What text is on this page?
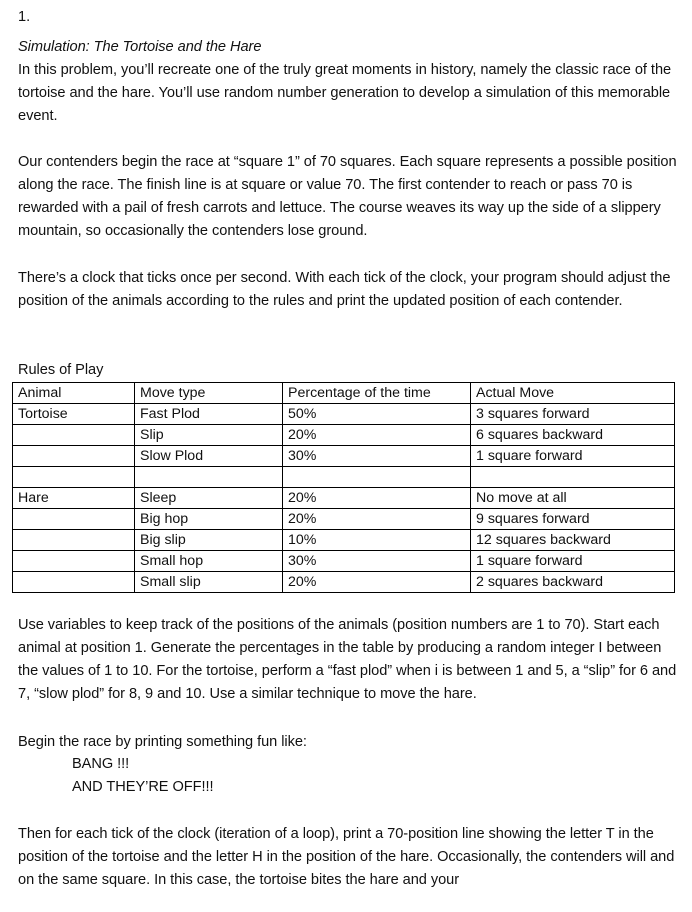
1.
Simulation: The Tortoise and the Hare

In this problem, you’ll recreate one of the truly great moments in history, namely the classic race of the tortoise and the hare. You’ll use random number generation to develop a simulation of this memorable event.

Our contenders begin the race at “square 1” of 70 squares. Each square represents a possible position along the race. The finish line is at square or value 70. The first contender to reach or pass 70 is rewarded with a pail of fresh carrots and lettuce. The course weaves its way up the side of a slippery mountain, so occasionally the contenders lose ground.

There’s a clock that ticks once per second. With each tick of the clock, your program should adjust the position of the animals according to the rules and print the updated position of each contender.

Rules of Play
Animal	Move type	Percentage of the time	Actual Move
Tortoise	Fast Plod	50%	3 squares forward
	Slip	20%	6 squares backward
	Slow Plod	30%	1 square forward

Hare	Sleep	20%	No move at all
	Big hop	20%	9 squares forward
	Big slip	10%	12 squares backward
	Small hop	30%	1 square forward
	Small slip	20%	2 squares backward

Use variables to keep track of the positions of the animals (position numbers are 1 to 70). Start each animal at position 1. Generate the percentages in the table by producing a random integer I between the values of 1 to 10. For the tortoise, perform a “fast plod” when i is between 1 and 5, a “slip” for 6 and 7, “slow plod” for 8, 9 and 10. Use a similar technique to move the hare.

Begin the race by printing something fun like:
BANG !!!
AND THEY’RE OFF!!!

Then for each tick of the clock (iteration of a loop), print a 70-position line showing the letter T in the position of the tortoise and the letter H in the position of the hare. Occasionally, the contenders will and on the same square. In this case, the tortoise bites the hare and your
